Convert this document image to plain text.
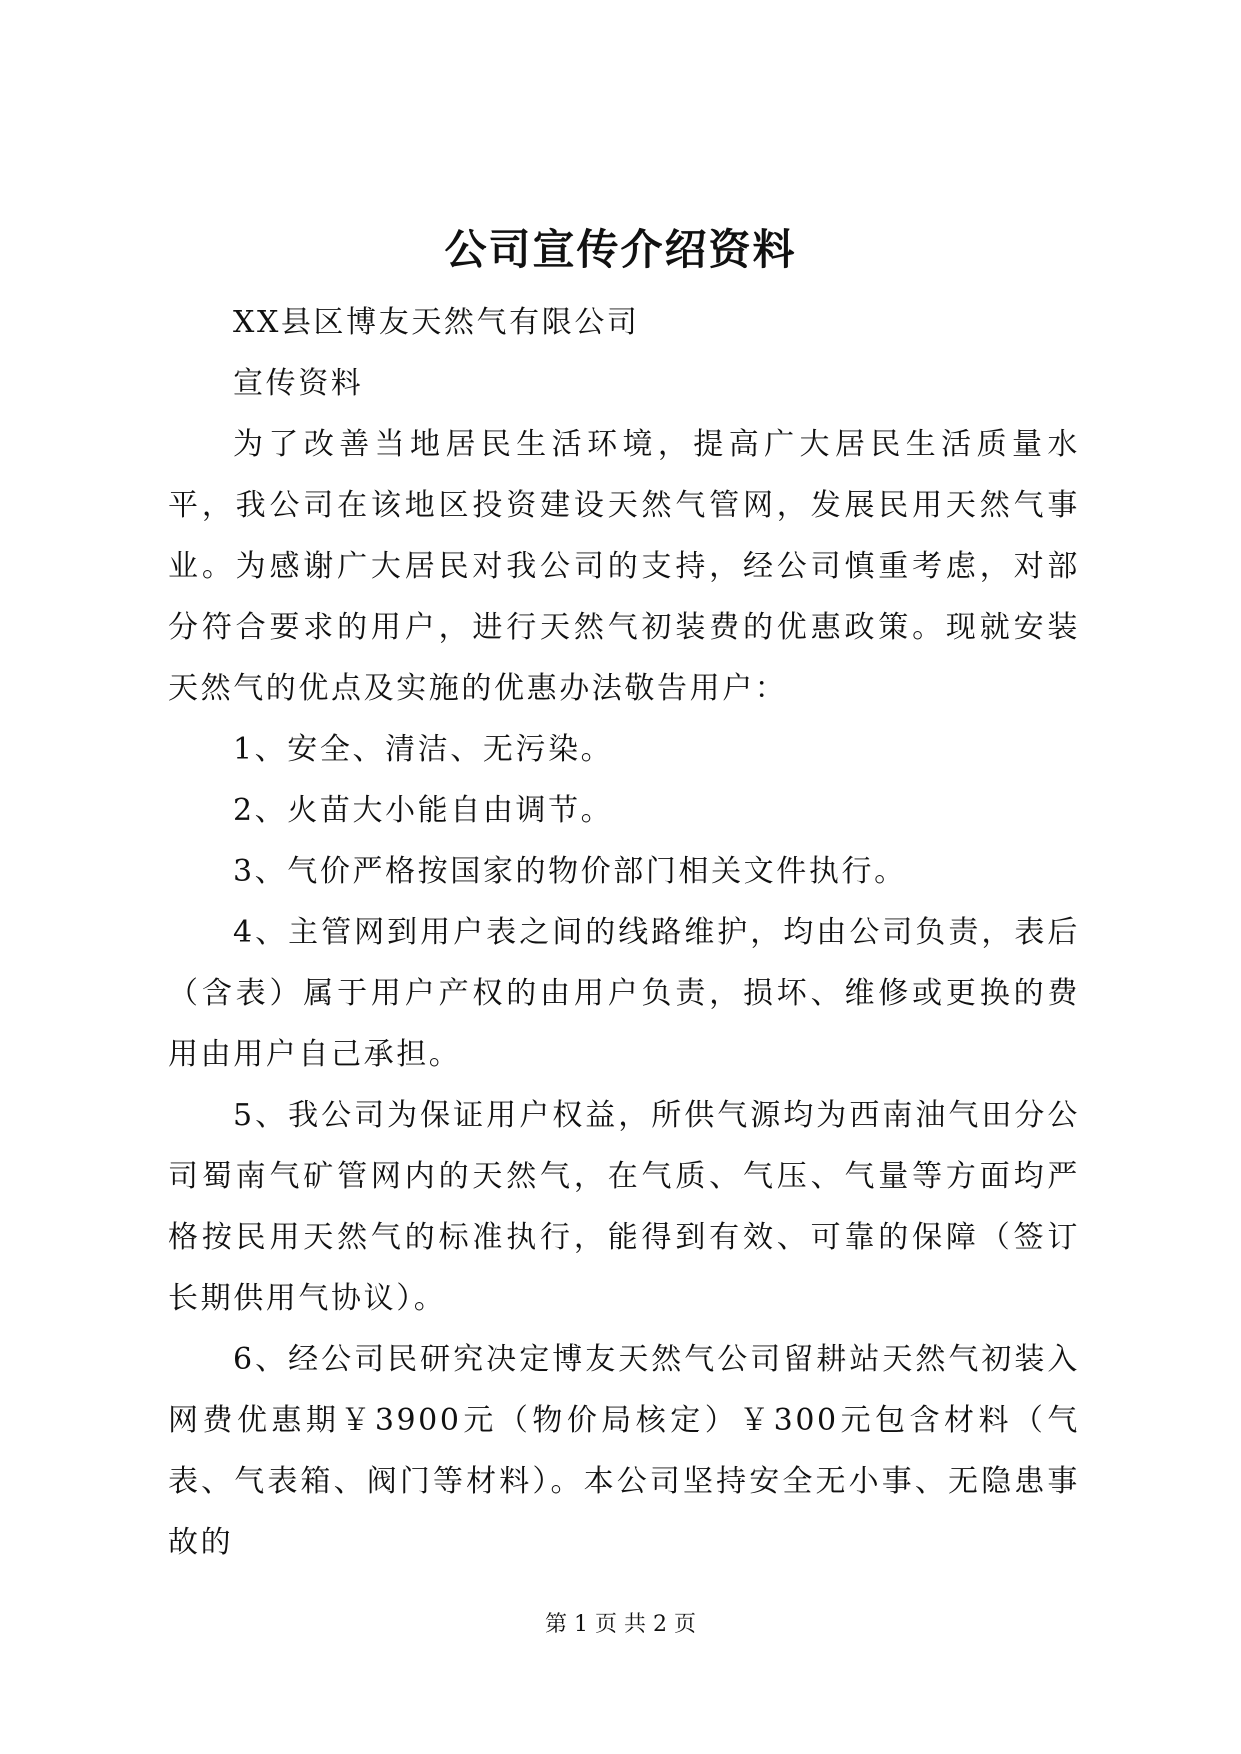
公司宣传介绍资料

XX县区博友天然气有限公司

宣传资料

为了改善当地居民生活环境，提高广大居民生活质量水平，我公司在该地区投资建设天然气管网，发展民用天然气事业。为感谢广大居民对我公司的支持，经公司慎重考虑，对部分符合要求的用户，进行天然气初装费的优惠政策。现就安装天然气的优点及实施的优惠办法敬告用户：

1、安全、清洁、无污染。

2、火苗大小能自由调节。

3、气价严格按国家的物价部门相关文件执行。

4、主管网到用户表之间的线路维护，均由公司负责，表后（含表）属于用户产权的由用户负责，损坏、维修或更换的费用由用户自己承担。

5、我公司为保证用户权益，所供气源均为西南油气田分公司蜀南气矿管网内的天然气，在气质、气压、气量等方面均严格按民用天然气的标准执行，能得到有效、可靠的保障（签订长期供用气协议）。

6、经公司民研究决定博友天然气公司留耕站天然气初装入网费优惠期￥3900元（物价局核定）￥300元包含材料（气表、气表箱、阀门等材料）。本公司坚持安全无小事、无隐患事故的

第 1 页 共 2 页
